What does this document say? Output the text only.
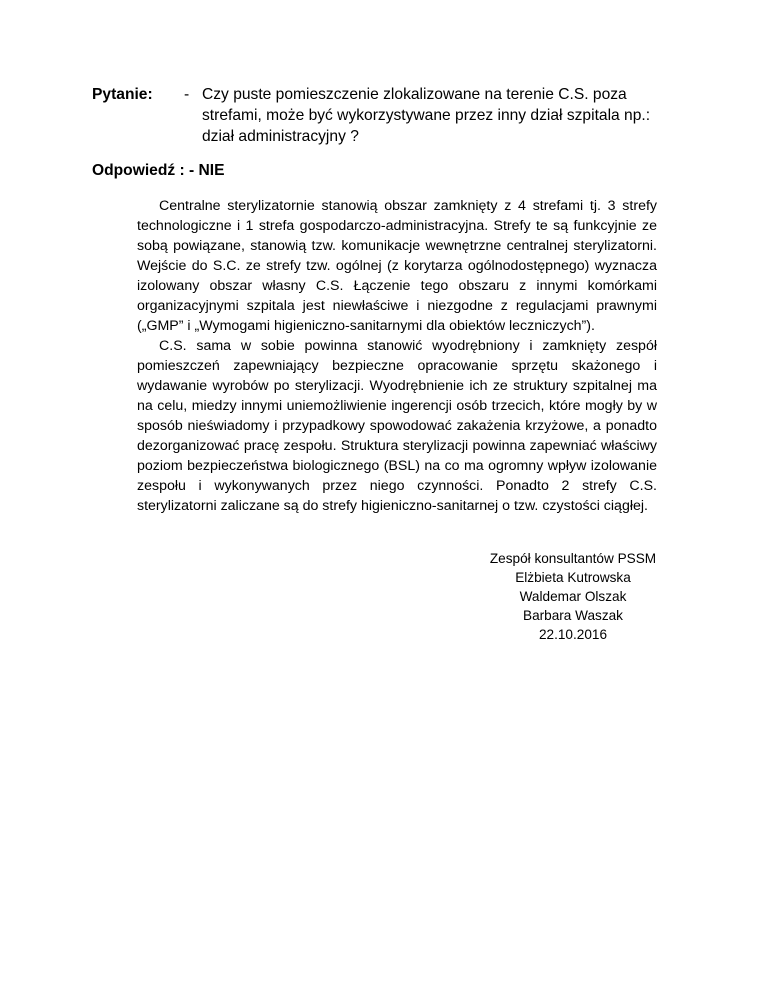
Pytanie:	- Czy puste pomieszczenie zlokalizowane na terenie C.S. poza strefami, może być wykorzystywane przez inny dział szpitala np.: dział administracyjny ?
Odpowiedź : - NIE

Centralne sterylizatornie stanowią obszar zamknięty z 4 strefami tj. 3 strefy technologiczne i 1 strefa gospodarczo-administracyjna. Strefy te są funkcyjnie ze sobą powiązane, stanowią tzw. komunikacje wewnętrzne centralnej sterylizatorni. Wejście do S.C. ze strefy tzw. ogólnej (z korytarza ogólnodostępnego) wyznacza izolowany obszar własny C.S. Łączenie tego obszaru z innymi komórkami organizacyjnymi szpitala jest niewłaściwe i niezgodne z regulacjami prawnymi („GMP” i „Wymogami higieniczno-sanitarnymi dla obiektów leczniczych”).

C.S. sama w sobie powinna stanowić wyodrębniony i zamknięty zespół pomieszczeń zapewniający bezpieczne opracowanie sprzętu skażonego i wydawanie wyrobów po sterylizacji. Wyodrębnienie ich ze struktury szpitalnej ma na celu, miedzy innymi uniemożliwienie ingerencji osób trzecich, które mogły by w sposób nieświadomy i przypadkowy spowodować zakażenia krzyżowe, a ponadto dezorganizować pracę zespołu. Struktura sterylizacji powinna zapewniać właściwy poziom bezpieczeństwa biologicznego (BSL) na co ma ogromny wpływ izolowanie zespołu i wykonywanych przez niego czynności. Ponadto 2 strefy C.S. sterylizatorni zaliczane są do strefy higieniczno-sanitarnej o tzw. czystości ciągłej.

Zespół konsultantów PSSM
Elżbieta Kutrowska
Waldemar Olszak
Barbara Waszak
22.10.2016
